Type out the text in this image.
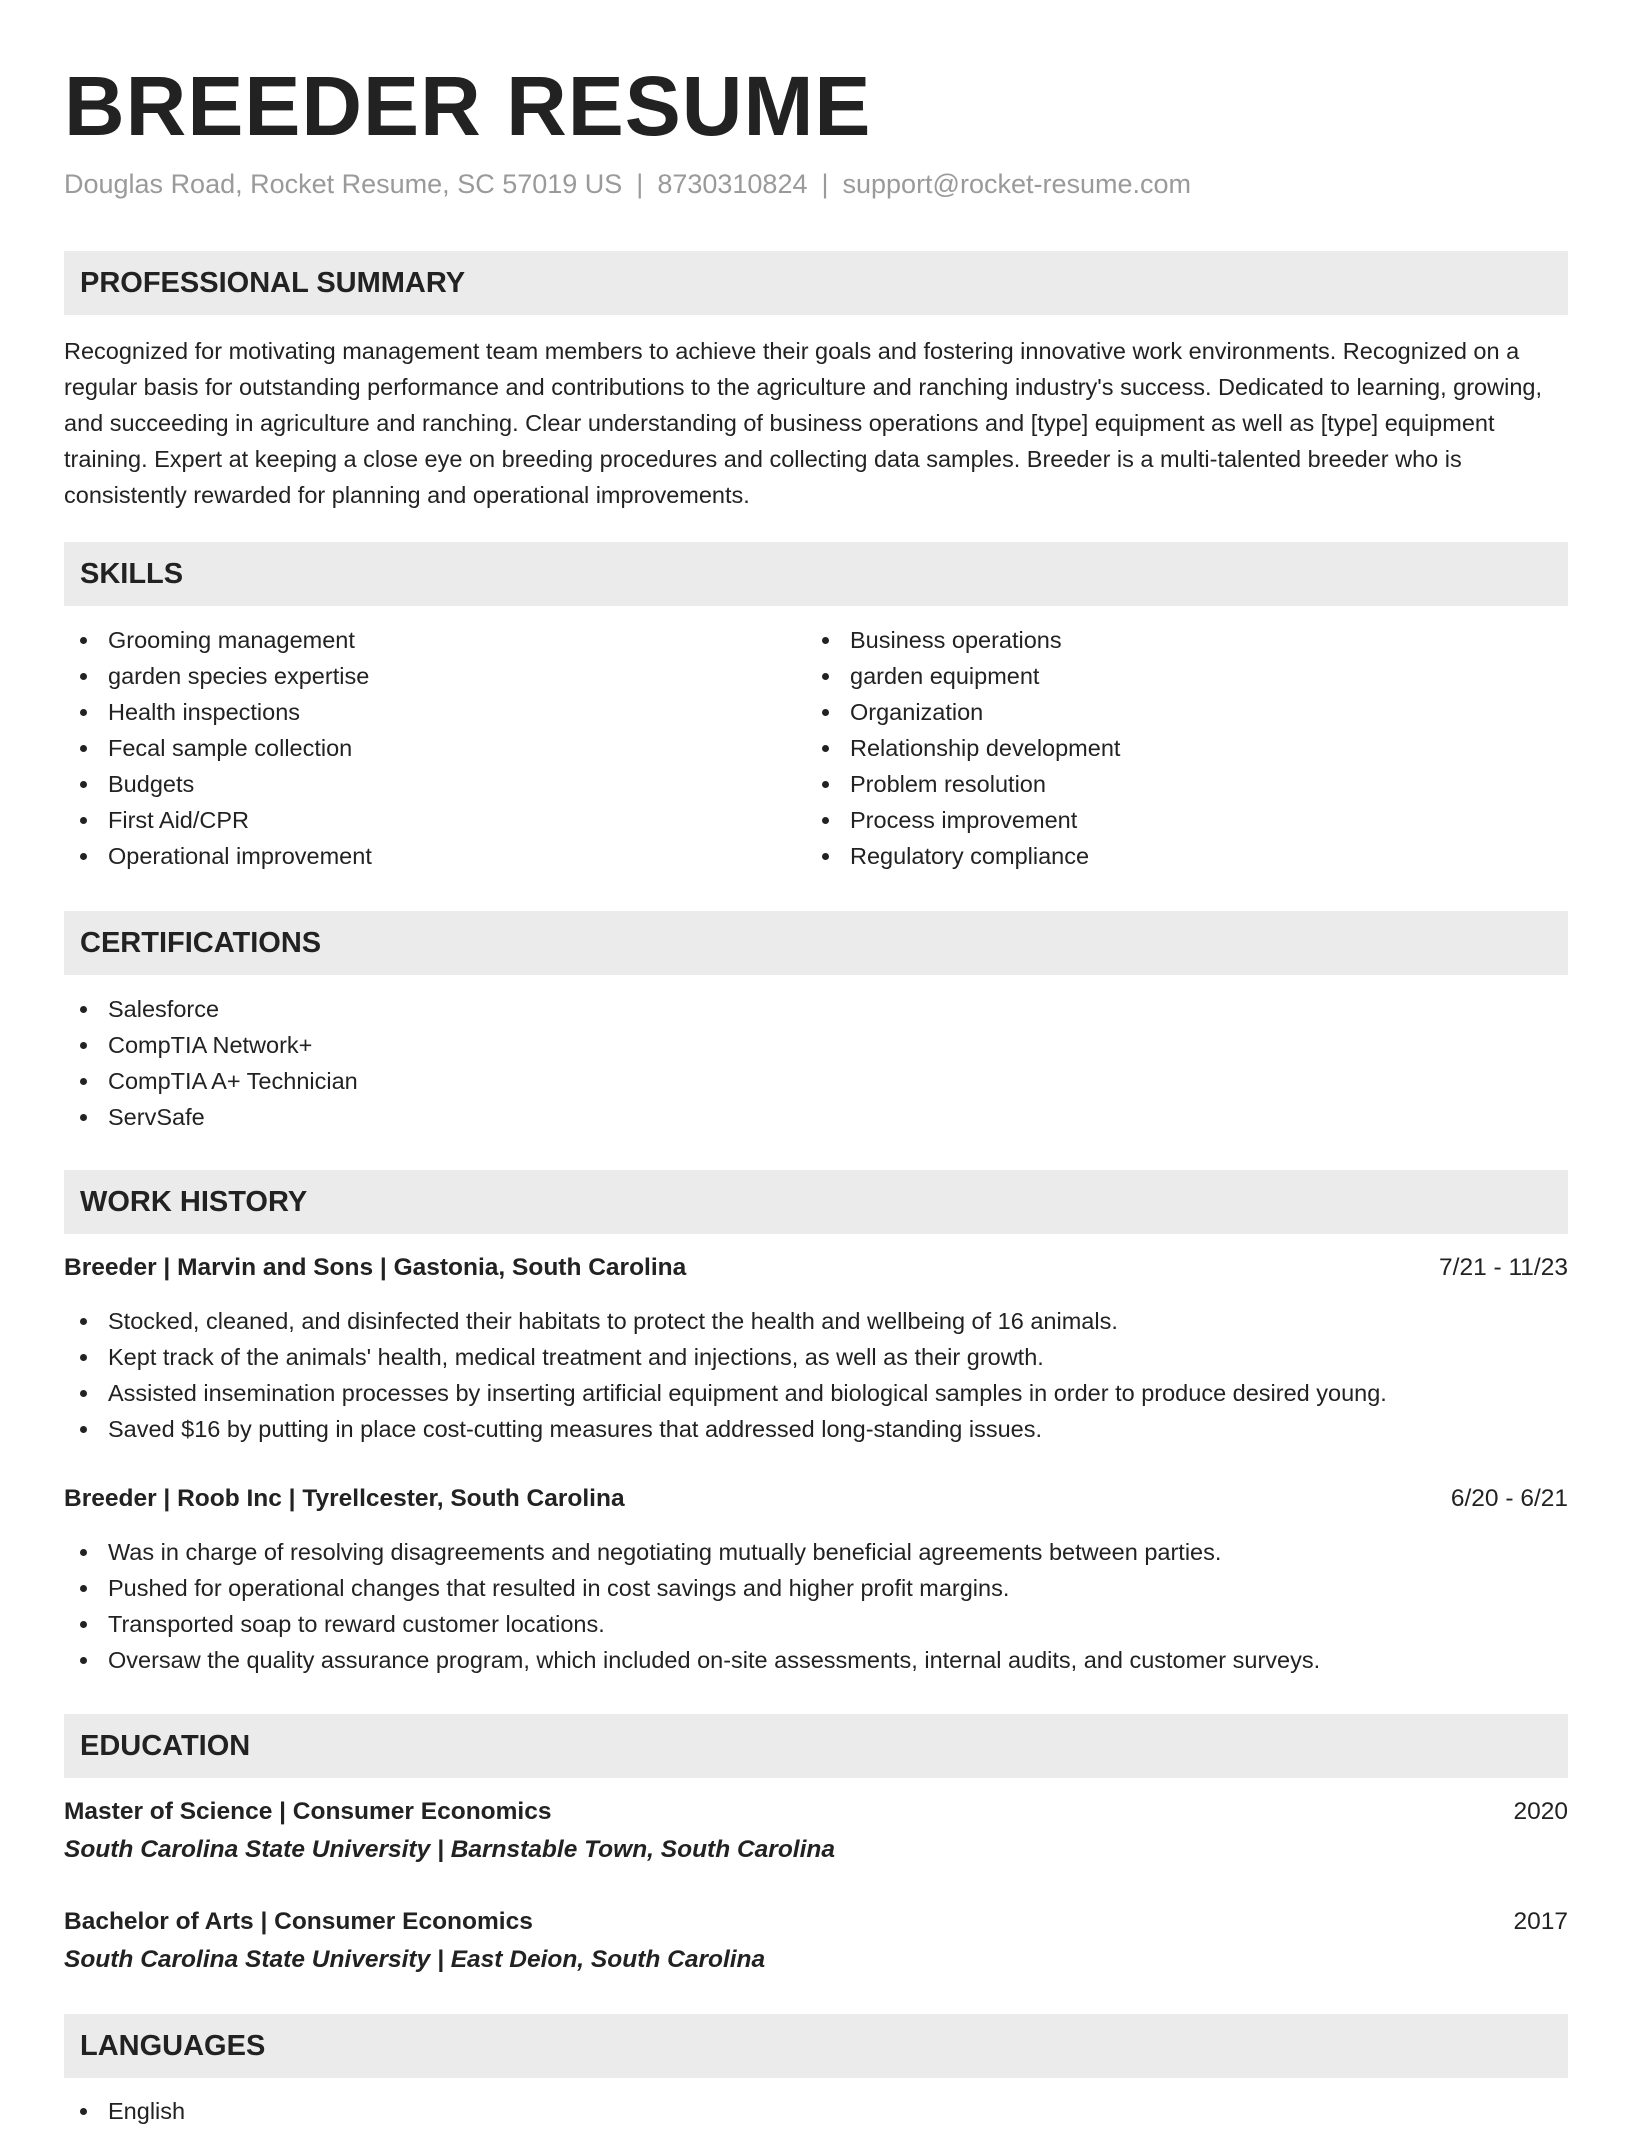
BREEDER RESUME
Douglas Road, Rocket Resume, SC 57019 US | 8730310824 | support@rocket-resume.com
PROFESSIONAL SUMMARY

Recognized for motivating management team members to achieve their goals and fostering innovative work environments. Recognized on a regular basis for outstanding performance and contributions to the agriculture and ranching industry's success. Dedicated to learning, growing, and succeeding in agriculture and ranching. Clear understanding of business operations and [type] equipment as well as [type] equipment training. Expert at keeping a close eye on breeding procedures and collecting data samples. Breeder is a multi-talented breeder who is consistently rewarded for planning and operational improvements.

SKILLS
Grooming management
garden species expertise
Health inspections
Fecal sample collection
Budgets
First Aid/CPR
Operational improvement
Business operations
garden equipment
Organization
Relationship development
Problem resolution
Process improvement
Regulatory compliance
CERTIFICATIONS
Salesforce
CompTIA Network+
CompTIA A+ Technician
ServSafe
WORK HISTORY
Breeder | Marvin and Sons | Gastonia, South Carolina	7/21 - 11/23
Stocked, cleaned, and disinfected their habitats to protect the health and wellbeing of 16 animals.
Kept track of the animals' health, medical treatment and injections, as well as their growth.
Assisted insemination processes by inserting artificial equipment and biological samples in order to produce desired young.
Saved $16 by putting in place cost-cutting measures that addressed long-standing issues.
Breeder | Roob Inc | Tyrellcester, South Carolina	6/20 - 6/21
Was in charge of resolving disagreements and negotiating mutually beneficial agreements between parties.
Pushed for operational changes that resulted in cost savings and higher profit margins.
Transported soap to reward customer locations.
Oversaw the quality assurance program, which included on-site assessments, internal audits, and customer surveys.
EDUCATION
Master of Science | Consumer Economics	2020
South Carolina State University | Barnstable Town, South Carolina
Bachelor of Arts | Consumer Economics	2017
South Carolina State University | East Deion, South Carolina
LANGUAGES
English
